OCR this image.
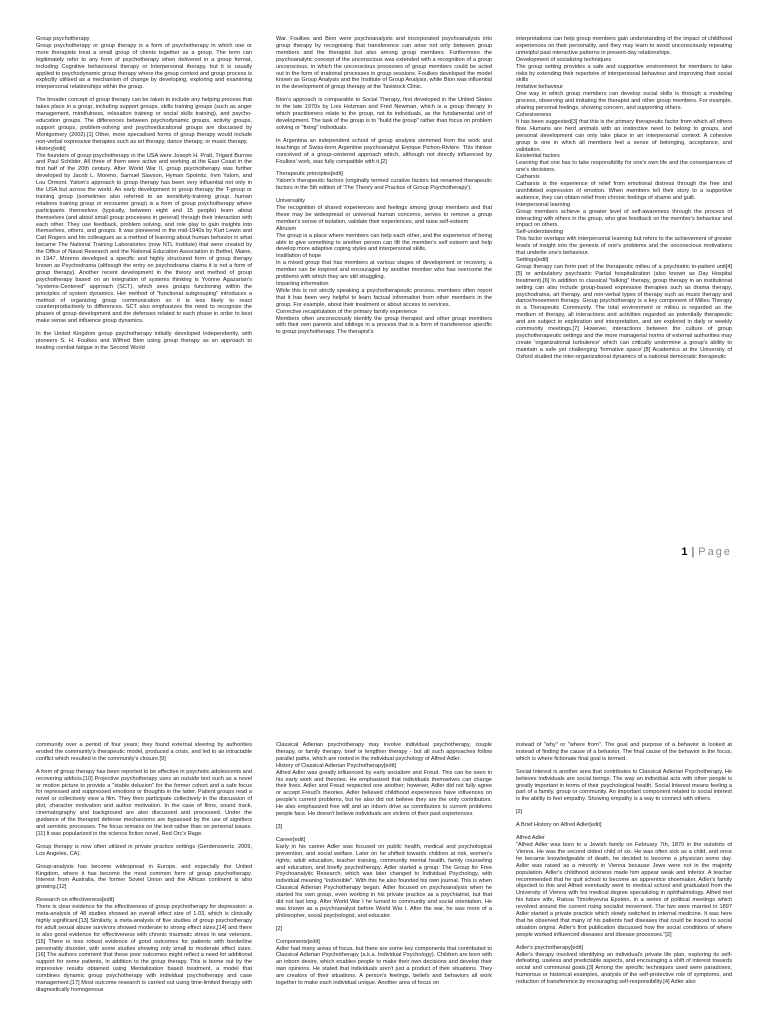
Group psychotherapy

Group psychotherapy or group therapy is a form of psychotherapy in which one or more therapists treat a small group of clients together as a group. The term can legitimately refer to any form of psychotherapy when delivered in a group format, including Cognitive behavioural therapy or Interpersonal therapy, but it is usually applied to psychodynamic group therapy where the group context and group process is explicitly utilised as a mechanism of change by developing, exploring and examining interpersonal relationships within the group.

The broader concept of group therapy can be taken to include any helping process that takes place in a group, including support groups, skills training groups (such as anger management, mindfulness, relaxation training or social skills training), and psycho-education groups. The differences between psychodynamic groups, activity groups, support groups, problem-solving and psychoeducational groups are discussed by Montgomery (2002).[1] Other, more specialised forms of group therapy would include non-verbal expressive therapies such as art therapy, dance therapy, or music therapy.

History[edit]

The founders of group psychotherapy in the USA were Joseph H. Pratt, Trigant Burrow and Paul Schilder. All three of them were active and working at the East Coast in the first half of the 20th century. After World War II, group psychotherapy was further developed by Jacob L. Moreno, Samuel Slavson, Hyman Spotnitz, Irvin Yalom, and Lou Ormont. Yalom's approach to group therapy has been very influential not only in the USA but across the world. An early development in group therapy the T-group or training group (sometimes also referred to as sensitivity-training group, human relations training group or encounter group) is a form of group psychotherapy where participants themselves (typically, between eight and 15 people) learn about themselves (and about small group processes in general) through their interaction with each other. They use feedback, problem solving, and role play to gain insights into themselves, others, and groups. It was pioneered in the mid-1940s by Kurt Lewin and Carl Rogers and his colleagues as a method of learning about human behavior in what became The National Training Laboratories (now NTL Institute) that were created by the Office of Naval Research and the National Education Association in Bethel, Maine, in 1947. Moreno developed a specific and highly structured form of group therapy known as Psychodrama (although the entry on psychodrama claims it is not a form of group therapy). Another recent development in the theory and method of group psychotherapy based on an integration of systems thinking is Yvonne Agazarian's "systems-Centered" approach (SCT), which sees groups functioning within the principles of system dynamics. Her method of "functional subgrouping" introduces a method of organizing group communication so it is less likely to react counterproductively to differences. SCT also emphasizes the need to recognize the phases of group development and the defenses related to each phase in order to best make sense and influence group dynamics.

In the United Kingdom group psychotherapy initially developed independently, with pioneers S. H. Foulkes and Wilfred Bion using group therapy as an approach to treating combat fatigue in the Second World

War. Foulkes and Bion were psychoanalysts and incorporated psychoanalysis into group therapy by recognising that transference can arise not only between group members and the therapist but also among group members. Furthermore the psychoanalytic concept of the unconscious was extended with a recognition of a group unconscious, in which the unconscious processes of group members could be acted out in the form of irrational processes in group sessions. Foulkes developed the model known as Group Analysis and the Institute of Group Analysis, while Bion was influential in the development of group therapy at the Tavistock Clinic.

Bion's approach is comparable to Social Therapy, first developed in the United States in the late 1970s by Lois Holzman and Fred Newman, which is a group therapy in which practitioners relate to the group, not its individuals, as the fundamental unit of development. The task of the group is to "build the group" rather than focus on problem solving or "fixing" individuals.

In Argentina an independent school of group analysis stemmed from the work and teachings of Swiss-born Argentine psychoanalyst Enrique Pichon-Rivière. This thinker conceived of a group-centered approach which, although not directly influenced by Foulkes' work, was fully compatible with it.[2]

Therapeutic principles[edit]

Yalom's therapeutic factors (originally termed curative factors but renamed therapeutic factors in the 5th edition of 'The Theory and Practice of Group Psychotherapy').

Universality

The recognition of shared experiences and feelings among group members and that these may be widespread or universal human concerns, serves to remove a group member's sense of isolation, validate their experiences, and raise self-esteem

Altruism

The group is a place where members can help each other, and the experience of being able to give something to another person can lift the member's self esteem and help develop more adaptive coping styles and interpersonal skills.

Instillation of hope

In a mixed group that has members at various stages of development or recovery, a member can be inspired and encouraged by another member who has overcome the problems with which they are still struggling.

Imparting information

While this is not strictly speaking a psychotherapeutic process, members often report that it has been very helpful to learn factual information from other members in the group. For example, about their treatment or about access to services.

Corrective recapitulation of the primary family experience

Members often unconsciously identify the group therapist and other group members with their own parents and siblings in a process that is a form of transference specific to group psychotherapy. The therapist's

interpretations can help group members gain understanding of the impact of childhood experiences on their personality, and they may learn to avoid unconsciously repeating unhelpful past interactive patterns in present-day relationships.

Development of socializing techniques

The group setting provides a safe and supportive environment for members to take risks by extending their repertoire of interpersonal behaviour and improving their social skills

Imitative behaviour

One way in which group members can develop social skills is through a modeling process, observing and imitating the therapist and other group members. For example, sharing personal feelings, showing concern, and supporting others.

Cohesiveness

It has been suggested[3] that this is the primary therapeutic factor from which all others flow. Humans are herd animals with an instinctive need to belong to groups, and personal development can only take place in an interpersonal context. A cohesive group is one in which all members feel a sense of belonging, acceptance, and validation.

Existential factors

Learning that one has to take responsibility for one's own life and the consequences of one's decisions.

Catharsis

Catharsis is the experience of relief from emotional distress through the free and uninhibited expression of emotion. When members tell their story to a supportive audience, they can obtain relief from chronic feelings of shame and guilt.

Interpersonal learning

Group members achieve a greater level of self-awareness through the process of interacting with others in the group, who give feedback on the member's behaviour and impact on others.

Self-understanding

This factor overlaps with interpersonal learning but refers to the achievement of greater levels of insight into the genesis of one's problems and the unconscious motivations that underlie one's behaviour.

Settings[edit]

Group therapy can form part of the therapeutic milieu of a psychiatric in-patient unit[4][5] or ambulatory psychiatric Partial hospitalization (also known as Day Hospital treatment).[6] In addition to classical "talking" therapy, group therapy in an institutional setting can also include group-based expressive therapies such as drama therapy, psychodrama, art therapy, and non-verbal types of therapy such as music therapy and dance/movement therapy. Group psychotherapy is a key component of Milieu Therapy in a Therapeutic Community. The total environment or milieu is regarded as the medium of therapy, all interactions and activities regarded as potentially therapeutic and are subject to exploration and interpretation, and are explored in daily or weekly community meetings.[7] However, interactions between the culture of group psychotherapeutic settings and the more managerial norms of external authorities may create 'organizational turbulence' which can critically undermine a group's ability to maintain a safe yet challenging 'formative space'.[8] Academics at the University of Oxford studied the inter-organizational dynamics of a national democratic therapeutic

1 | Page

community over a period of four years; they found external steering by authorities eroded the community's therapeutic model, produced a crisis, and led to an intractable conflict which resulted in the community's closure.[9]

A form of group therapy has been reported to be effective in psychotic adolescents and recovering addicts.[10] Projective psychotherapy uses an outside text such as a novel or motion picture to provide a "stable delusion" for the former cohort and a safe focus for repressed and suppressed emotions or thoughts in the latter. Patient groups read a novel or collectively view a film. They then participate collectively in the discussion of plot, character motivation and author motivation. In the case of films, sound track, cinematography and background are also discussed and processed. Under the guidance of the therapist defense mechanisms are bypassed by the use of signifiers and semiotic processes. The focus remains on the text rather than on personal issues. [11] It was popularized in the science fiction novel, Red Orc's Rage.

Group therapy is now often utilized in private practice settings (Gerdenswertz, 2009, Los Angeles, CA).

Group-analysis has become widespread in Europe, and especially the United Kingdom, where it has become the most common form of group psychotherapy. Interest from Australia, the former Soviet Union and the African continent is also growing.[12]

Research on effectiveness[edit]

There is clear evidence for the effectiveness of group psychotherapy for depression: a meta-analysis of 48 studies showed an overall effect size of 1.03, which is clinically highly significant.[13] Similarly, a meta-analysis of five studies of group psychotherapy for adult sexual abuse survivors showed moderate to strong effect sizes,[14] and there is also good evidence for effectiveness with chronic traumatic stress in war veterans.[15] There is less robust evidence of good outcomes for patients with borderline personality disorder, with some studies showing only small to moderate effect sizes.[16] The authors comment that these poor outcomes might reflect a need for additional support for some patients, in addition to the group therapy. This is borne out by the impressive results obtained using Mentalization based treatment, a model that combines dynamic group psychotherapy with individual psychotherapy and case management.[17] Most outcome research is carried out using time-limited therapy with diagnostically homogenous

Classical Adlerian psychotherapy may involve individual psychotherapy, couple therapy, or family therapy, brief or lengthier therapy - but all such approaches follow parallel paths, which are rooted in the individual psychology of Alfred Adler.

History of Classical Adlerian Psychotherapy[edit]

Alfred Adler was greatly influenced by early socialism and Freud. This can be seen in his early work and theories. He emphasized that individuals themselves can change their lives. Adler and Freud respected one another; however, Adler did not fully agree or accept Freud's theories. Adler believed childhood experiences have influences on people's current problems, but he also did not believe they are the only contributors. He also emphasized free will and an inborn drive as contributors to current problems people face. He doesn't believe individuals are victims of their past experiences.

[3]

Career[edit]

Early in his career Adler was focused on public health, medical and psychological prevention, and social welfare. Later on he shifted towards children at risk, women's rights, adult education, teacher training, community mental health, family counseling and education, and briefly psychotherapy. Adler started a group: The Group for Free Psychoanalytic Research, which was later changed to Individual Psychology, with individual meaning "indivisible". With this he also founded his own journal. This is when Classical Adlerian Psychotherapy began. Adler focused on psychoanalysis when he started his own group, even working in his private practice as a psychiatrist, but that did not last long. After World War I he turned to community and social orientation. He was known as a psychoanalyst before World War I. After the war, he was more of a philosopher, social psychologist, and educator.

[2]

Components[edit]

Adler had many areas of focus, but there are some key components that contributed to Classical Adlerian Psychotherapy (a.k.a. Individual Psychology). Children are born with an inborn desire, which enables people to make their own decisions and develop their own opinions. He stated that individuals aren't just a product of their situations. They are creators of their situations. A person's feelings, beliefs and behaviors all work together to make each individual unique. Another area of focus on

instead of "why" or "where from". The goal and purpose of a behavior is looked at instead of finding the cause of a behavior. The final cause of the behavior is the focus, which is where fictionate final goal is termed.

Social Interest is another area that contributes to Classical Adlerian Psychotherapy. He believes individuals are social beings. The way an individual acts with other people is greatly important in terms of their psychological health. Social Interest means feeling a part of a family, group or community. An important component related to social interest is the ability to feel empathy. Showing empathy is a way to connect with others.

[2]

A Brief History on Alfred Adler[edit]

Alfred Adler

"Alfred Adler was born to a Jewish family on February 7th, 1870 in the outskirts of Vienna. He was the second oldest child of six. He was often sick as a child, and once he became knowledgeable of death, he decided to become a physician some day. Adler was raised as a minority in Vienna because Jews were not in the majority population. Adler's childhood sickness made him appear weak and inferior. A teacher recommended that he quit school to become an apprentice shoemaker. Adler's family objected to this and Alfred eventually went to medical school and graduated from the University of Vienna with his medical degree specializing in ophthalmology. Alfred met his future wife, Raissa Timofeyevna Epstein, in a series of political meetings which revolved around the current rising socialist movement. The two were married in 1897 Adler started a private practice which slowly switched to internal medicine. It was here that he observed that many of his patients had diseases that could be traced to social situation origins. Adler's first publication discussed how the social conditions of where people worked influenced diseases and disease processes."[2]

Adler's psychotherapy[edit]

Adler's therapy involved identifying an individual's private life plan, exploring its self-defeating, useless and predictable aspects, and encouraging a shift of interest towards social and communal goals.[3] Among the specific techniques used were paradoxes, humorous or historical examples, analysis of the self-protective role of symptoms, and reduction of transference by encouraging self-responsibility.[4] Adler also
